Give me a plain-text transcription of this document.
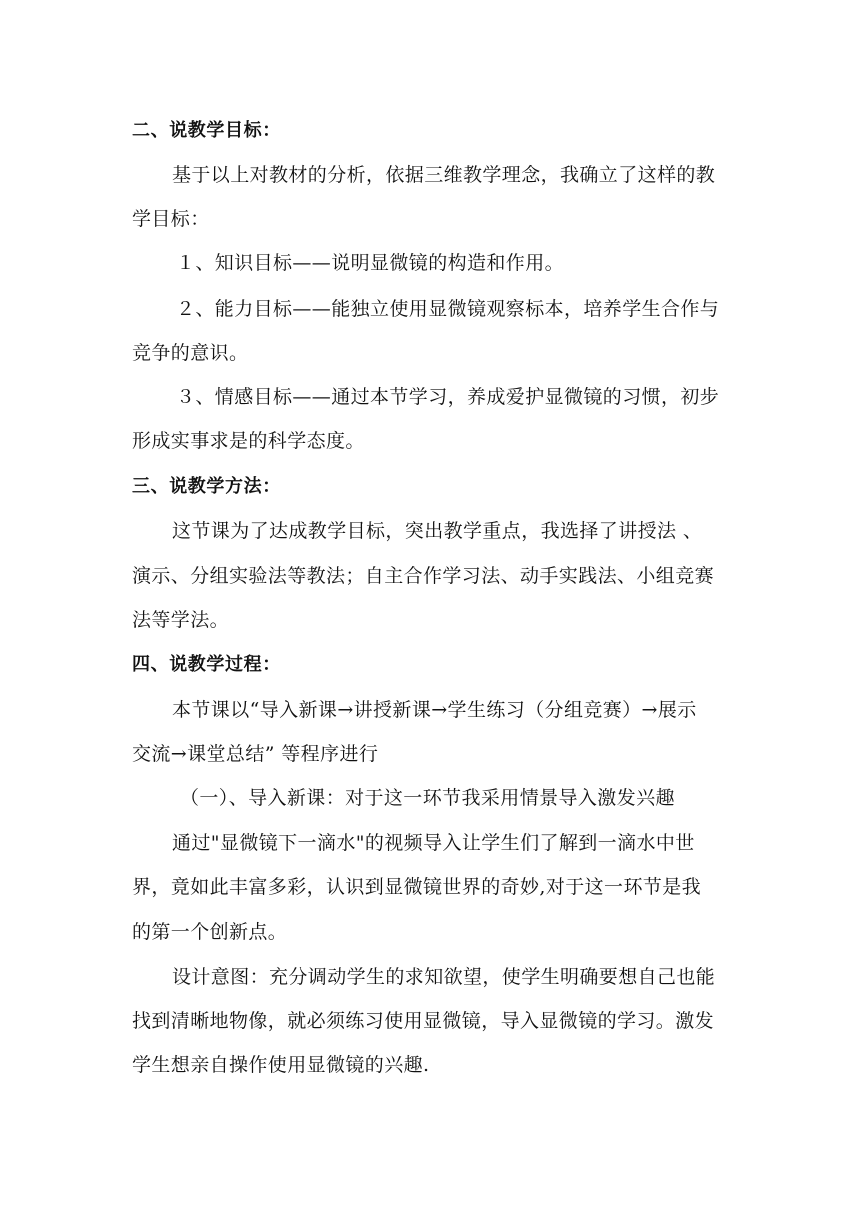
二、说教学目标：
基于以上对教材的分析，依据三维教学理念，我确立了这样的教
学目标：
１、知识目标——说明显微镜的构造和作用。
２、能力目标——能独立使用显微镜观察标本，培养学生合作与
竞争的意识。
３、情感目标——通过本节学习，养成爱护显微镜的习惯，初步
形成实事求是的科学态度。
三、说教学方法：
这节课为了达成教学目标，突出教学重点，我选择了讲授法 、
演示、分组实验法等教法；自主合作学习法、动手实践法、小组竞赛
法等学法。
四、说教学过程：
本节课以“导入新课→讲授新课→学生练习（分组竞赛）→展示
交流→课堂总结” 等程序进行
（一）、导入新课：对于这一环节我采用情景导入激发兴趣
通过"显微镜下一滴水"的视频导入让学生们了解到一滴水中世
界，竟如此丰富多彩，认识到显微镜世界的奇妙,对于这一环节是我
的第一个创新点。
设计意图：充分调动学生的求知欲望，使学生明确要想自己也能
找到清晰地物像，就必须练习使用显微镜，导入显微镜的学习。激发
学生想亲自操作使用显微镜的兴趣.
